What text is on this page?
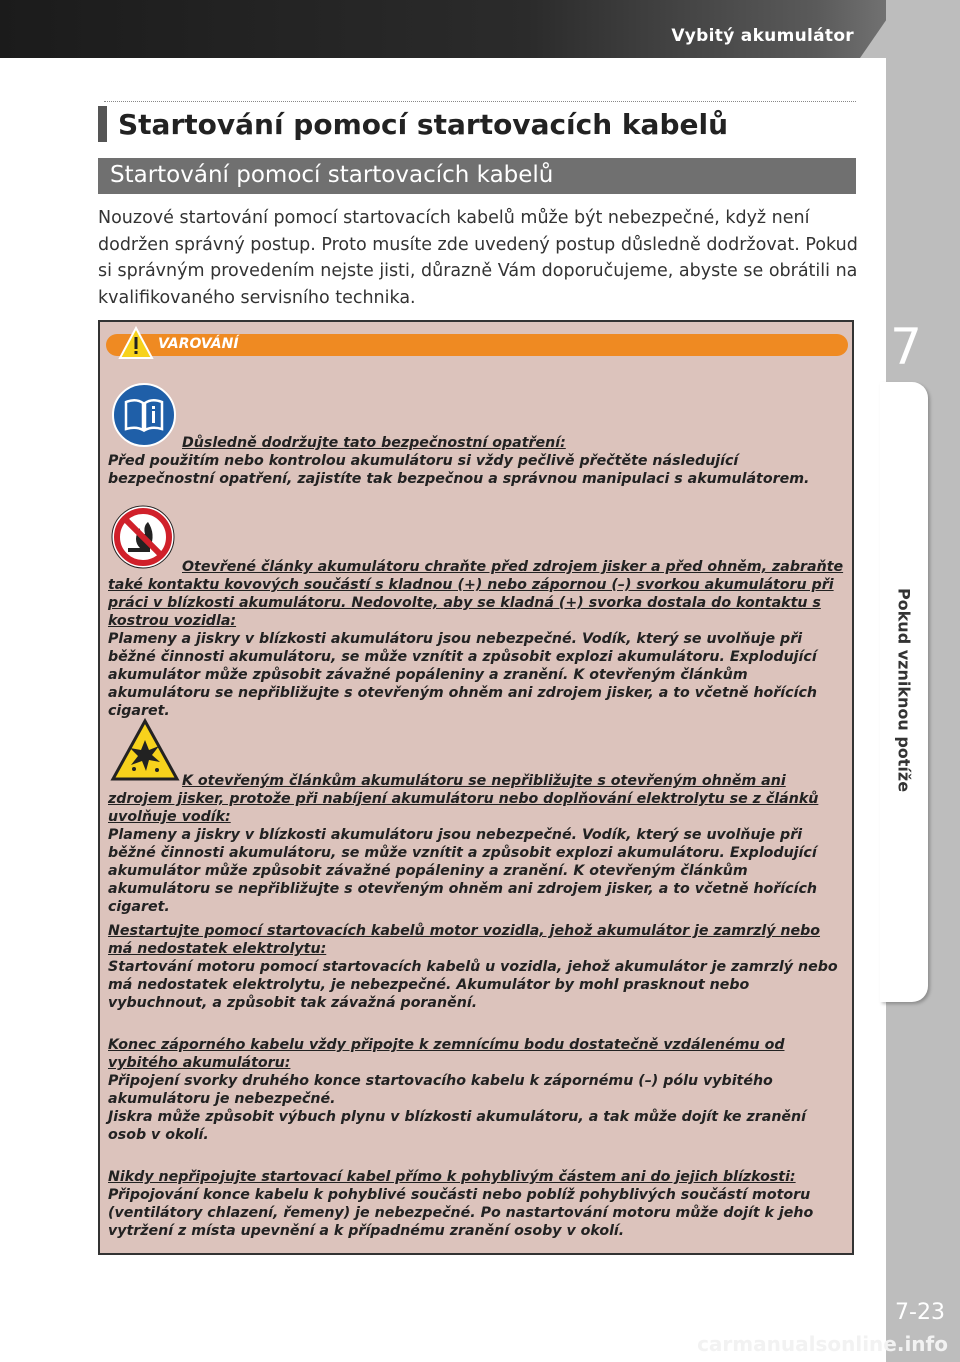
Vybitý akumulátor
7
Pokud vzniknou potíže
7-23
carmanualsonline.info
Startování pomocí startovacích kabelů
Startování pomocí startovacích kabelů
Nouzové startování pomocí startovacích kabelů může být nebezpečné, když není dodržen správný postup. Proto musíte zde uvedený postup důsledně dodržovat. Pokud si správným provedením nejste jisti, důrazně Vám doporučujeme, abyste se obrátili na kvalifikovaného servisního technika.
VAROVÁNÍ
Důsledně dodržujte tato bezpečnostní opatření:
Před použitím nebo kontrolou akumulátoru si vždy pečlivě přečtěte následující bezpečnostní opatření, zajistíte tak bezpečnou a správnou manipulaci s akumulátorem.
Otevřené články akumulátoru chraňte před zdrojem jisker a před ohněm, zabraňte také kontaktu kovových součástí s kladnou (+) nebo zápornou (–) svorkou akumulátoru při práci v blízkosti akumulátoru. Nedovolte, aby se kladná (+) svorka dostala do kontaktu s kostrou vozidla:
Plameny a jiskry v blízkosti akumulátoru jsou nebezpečné. Vodík, který se uvolňuje při běžné činnosti akumulátoru, se může vznítit a způsobit explozi akumulátoru. Explodující akumulátor může způsobit závažné popáleniny a zranění. K otevřeným článkům akumulátoru se nepřibližujte s otevřeným ohněm ani zdrojem jisker, a to včetně hořících cigaret.
K otevřeným článkům akumulátoru se nepřibližujte s otevřeným ohněm ani zdrojem jisker, protože při nabíjení akumulátoru nebo doplňování elektrolytu se z článků uvolňuje vodík:
Plameny a jiskry v blízkosti akumulátoru jsou nebezpečné. Vodík, který se uvolňuje při běžné činnosti akumulátoru, se může vznítit a způsobit explozi akumulátoru. Explodující akumulátor může způsobit závažné popáleniny a zranění. K otevřeným článkům akumulátoru se nepřibližujte s otevřeným ohněm ani zdrojem jisker, a to včetně hořících cigaret.
Nestartujte pomocí startovacích kabelů motor vozidla, jehož akumulátor je zamrzlý nebo má nedostatek elektrolytu:
Startování motoru pomocí startovacích kabelů u vozidla, jehož akumulátor je zamrzlý nebo má nedostatek elektrolytu, je nebezpečné. Akumulátor by mohl prasknout nebo vybuchnout, a způsobit tak závažná poranění.
Konec záporného kabelu vždy připojte k zemnícímu bodu dostatečně vzdálenému od vybitého akumulátoru:
Připojení svorky druhého konce startovacího kabelu k zápornému (–) pólu vybitého akumulátoru je nebezpečné.
Jiskra může způsobit výbuch plynu v blízkosti akumulátoru, a tak může dojít ke zranění osob v okolí.
Nikdy nepřipojujte startovací kabel přímo k pohyblivým částem ani do jejich blízkosti:
Připojování konce kabelu k pohyblivé součásti nebo poblíž pohyblivých součástí motoru (ventilátory chlazení, řemeny) je nebezpečné. Po nastartování motoru může dojít k jeho vytržení z místa upevnění a k případnému zranění osoby v okolí.
